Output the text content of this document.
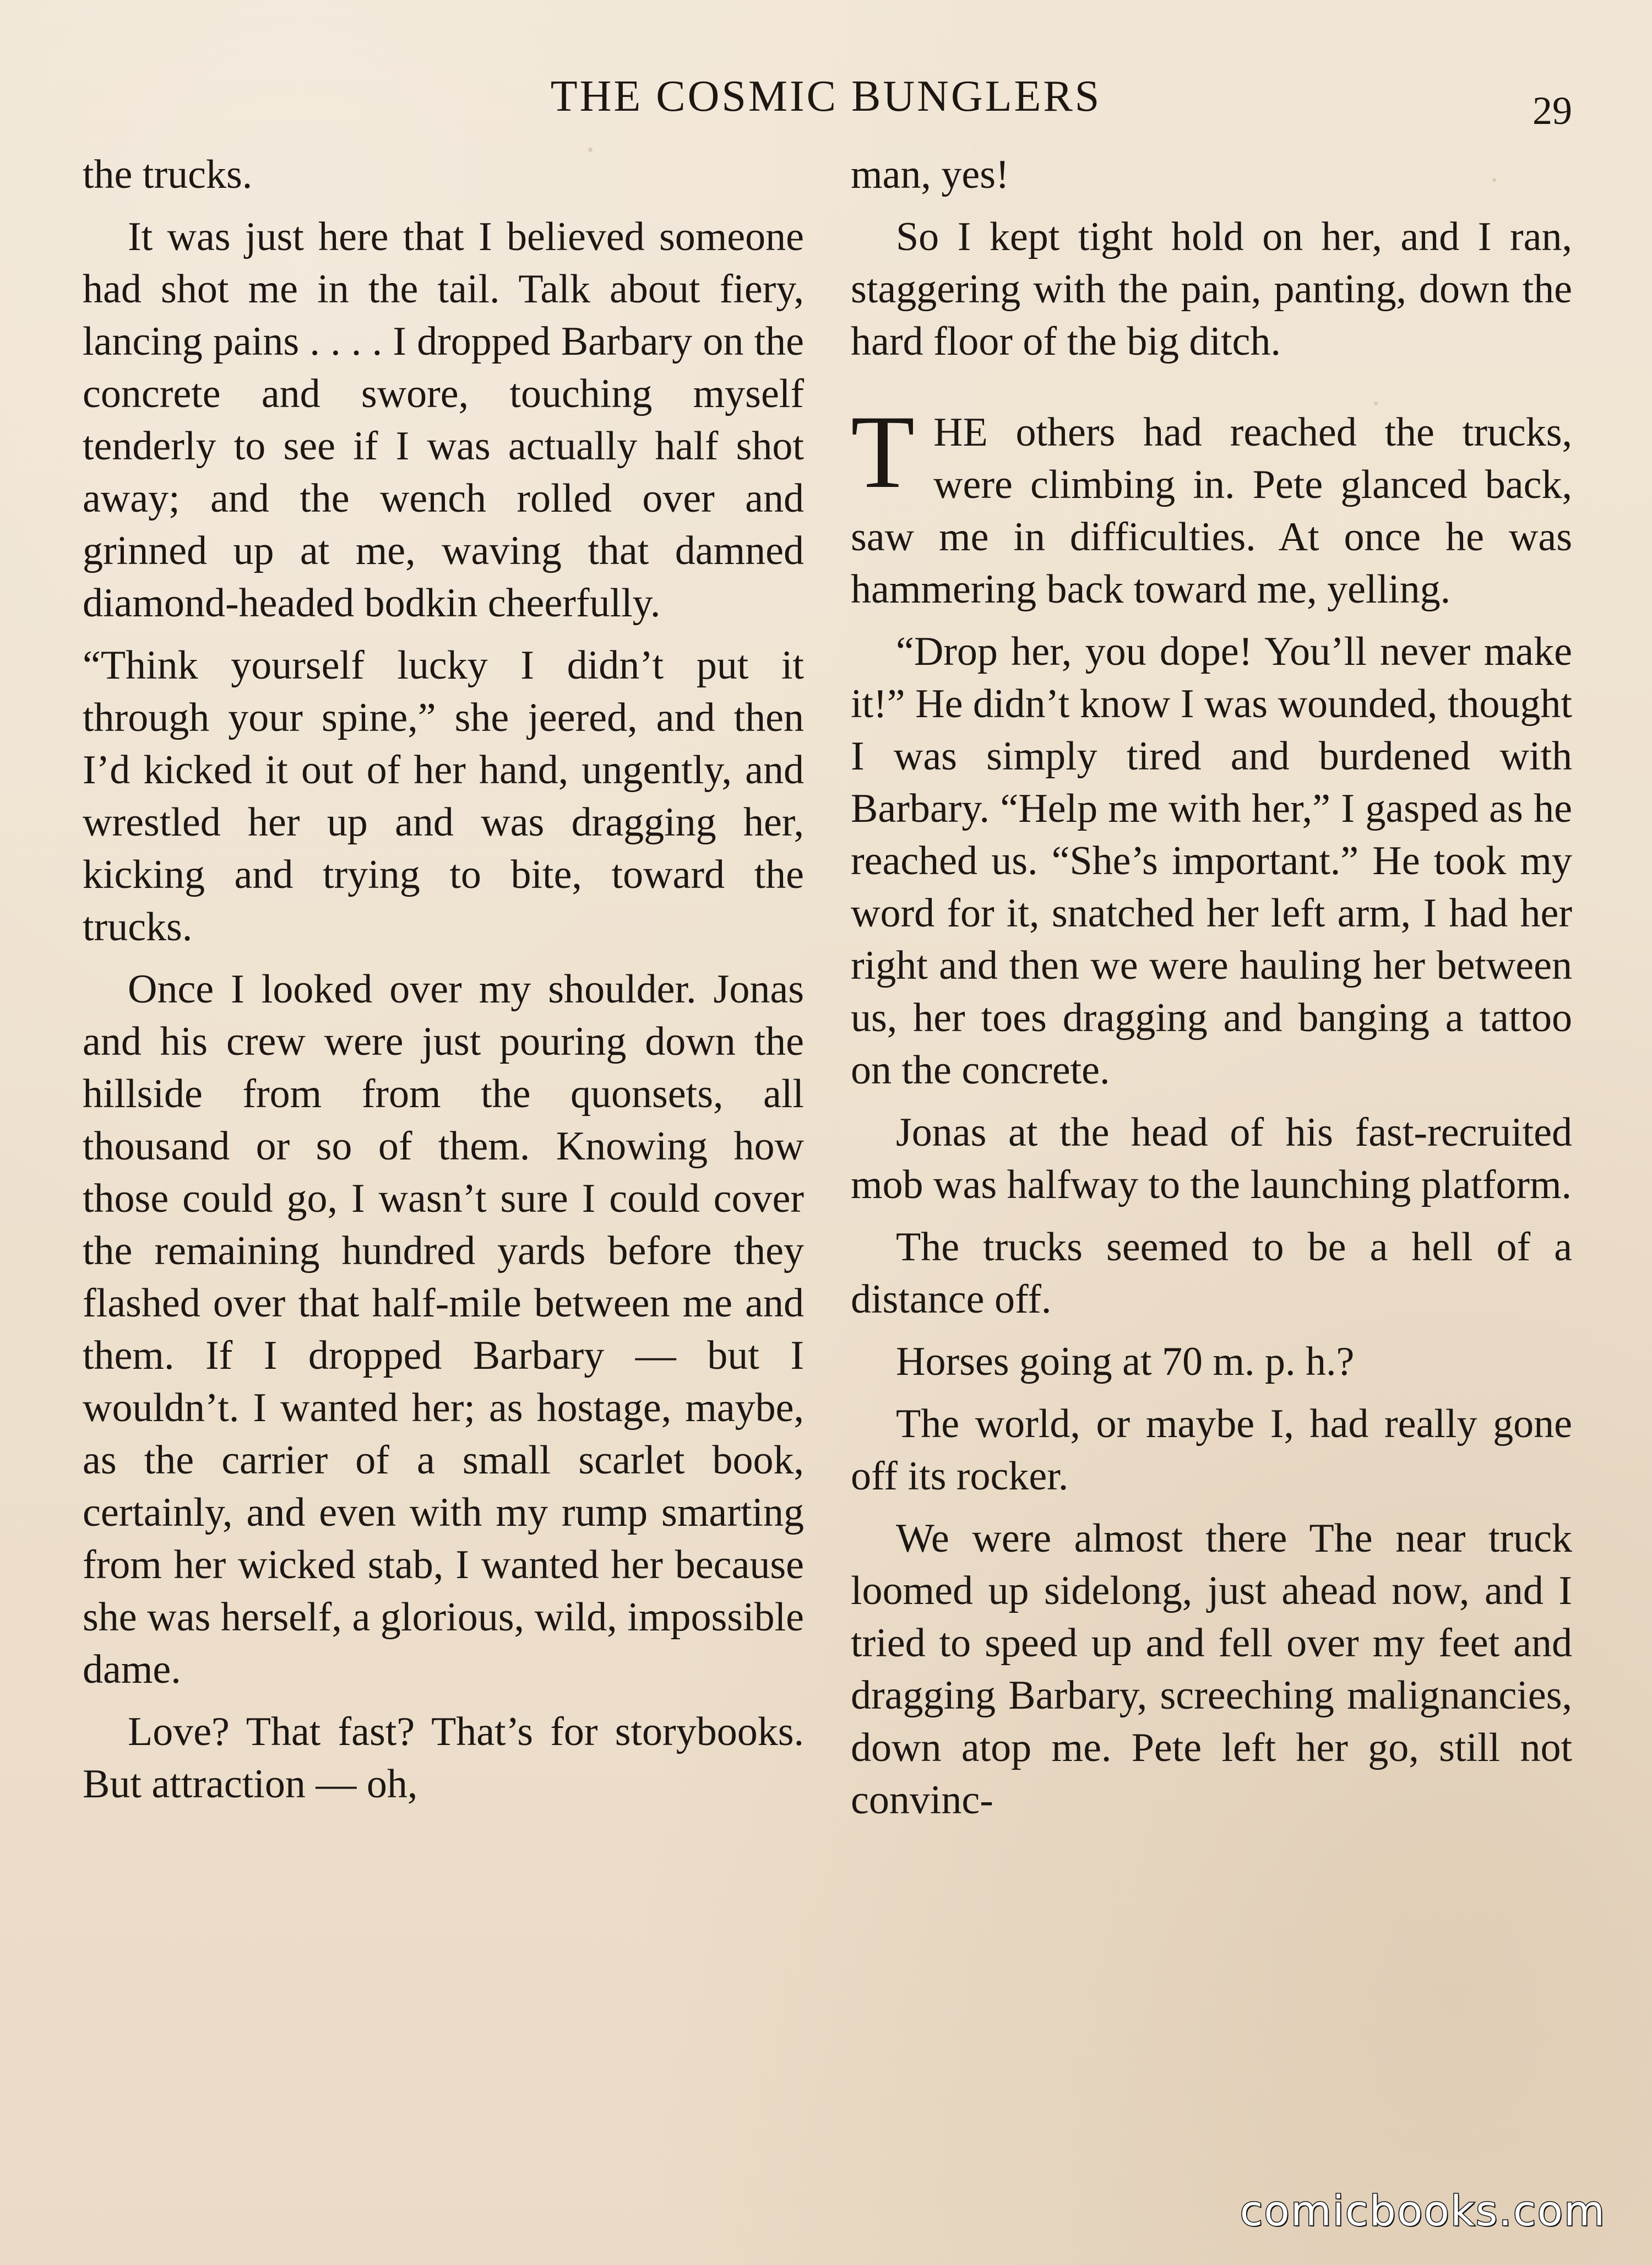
THE COSMIC BUNGLERS	29

the trucks.

It was just here that I believed someone had shot me in the tail. Talk about fiery, lancing pains . . . . I dropped Barbary on the concrete and swore, touching myself tenderly to see if I was actually half shot away; and the wench rolled over and grinned up at me, waving that damned diamond-headed bodkin cheerfully.

“Think yourself lucky I didn’t put it through your spine,” she jeered, and then I’d kicked it out of her hand, ungently, and wrestled her up and was dragging her, kicking and trying to bite, toward the trucks.

Once I looked over my shoulder. Jonas and his crew were just pouring down the hillside from from the quonsets, all thousand or so of them. Knowing how those could go, I wasn’t sure I could cover the remaining hundred yards before they flashed over that half-mile between me and them. If I dropped Barbary — but I wouldn’t. I wanted her; as hostage, maybe, as the carrier of a small scarlet book, certainly, and even with my rump smarting from her wicked stab, I wanted her because she was herself, a glorious, wild, impossible dame.

Love? That fast? That’s for storybooks. But attraction — oh,

man, yes!

So I kept tight hold on her, and I ran, staggering with the pain, panting, down the hard floor of the big ditch.

T HE others had reached the trucks, were climbing in. Pete glanced back, saw me in difficulties. At once he was hammering back toward me, yelling.

“Drop her, you dope! You’ll never make it!” He didn’t know I was wounded, thought I was simply tired and burdened with Barbary. “Help me with her,” I gasped as he reached us. “She’s important.” He took my word for it, snatched her left arm, I had her right and then we were hauling her between us, her toes dragging and banging a tattoo on the concrete.

Jonas at the head of his fast-recruited mob was halfway to the launching platform.

The trucks seemed to be a hell of a distance off.

Horses going at 70 m. p. h.?

The world, or maybe I, had really gone off its rocker.

We were almost there The near truck loomed up sidelong, just ahead now, and I tried to speed up and fell over my feet and dragging Barbary, screeching malignancies, down atop me. Pete left her go, still not convinc-

comicbooks.com
